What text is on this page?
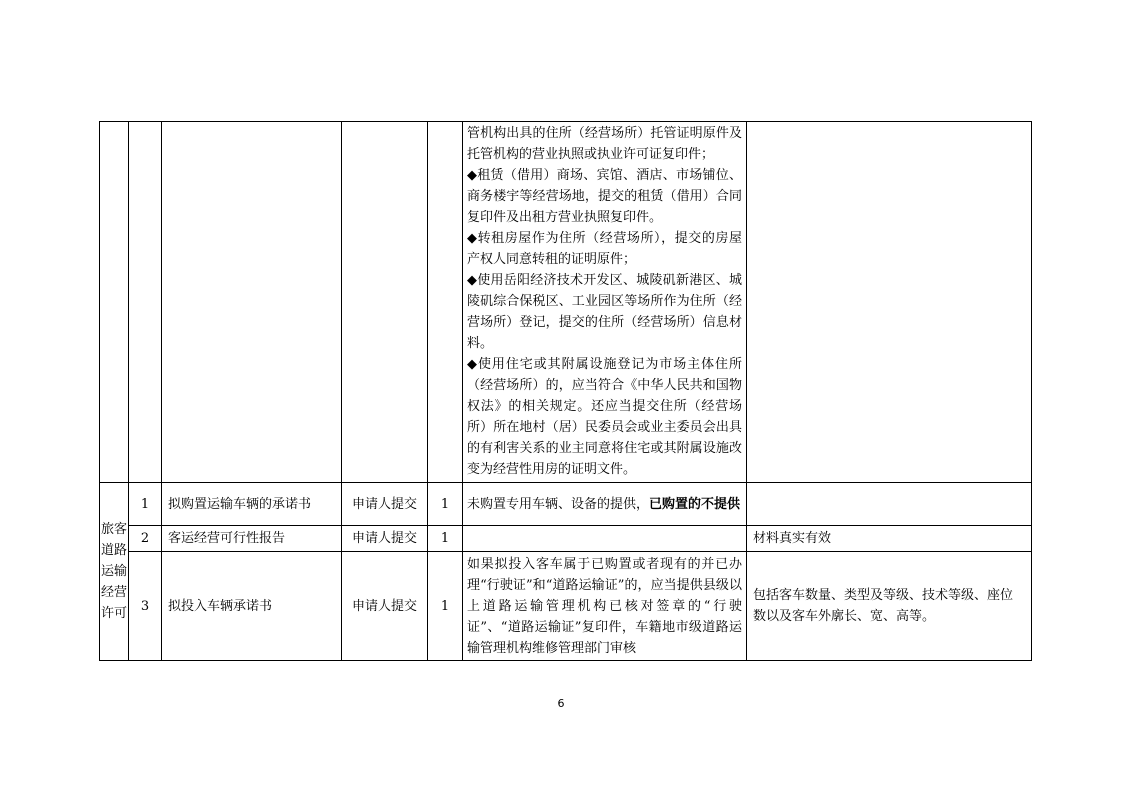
					管机构出具的住所（经营场所）托管证明原件及托管机构的营业执照或执业许可证复印件；
◆租赁（借用）商场、宾馆、酒店、市场铺位、商务楼宇等经营场地，提交的租赁（借用）合同复印件及出租方营业执照复印件。
◆转租房屋作为住所（经营场所），提交的房屋产权人同意转租的证明原件；
◆使用岳阳经济技术开发区、城陵矶新港区、城陵矶综合保税区、工业园区等场所作为住所（经营场所）登记，提交的住所（经营场所）信息材料。
◆使用住宅或其附属设施登记为市场主体住所（经营场所）的，应当符合《中华人民共和国物权法》的相关规定。还应当提交住所（经营场所）所在地村（居）民委员会或业主委员会出具的有利害关系的业主同意将住宅或其附属设施改变为经营性用房的证明文件。	

旅客道路运输经营许可	1	拟购置运输车辆的承诺书	申请人提交	1	未购置专用车辆、设备的提供，已购置的不提供	
	2	客运经营可行性报告	申请人提交	1		材料真实有效
	3	拟投入车辆承诺书	申请人提交	1	如果拟投入客车属于已购置或者现有的并已办理“行驶证”和“道路运输证”的，应当提供县级以上道路运输管理机构已核对签章的“行驶证”、“道路运输证”复印件，车籍地市级道路运输管理机构维修管理部门审核	包括客车数量、类型及等级、技术等级、座位数以及客车外廓长、宽、高等。
6
